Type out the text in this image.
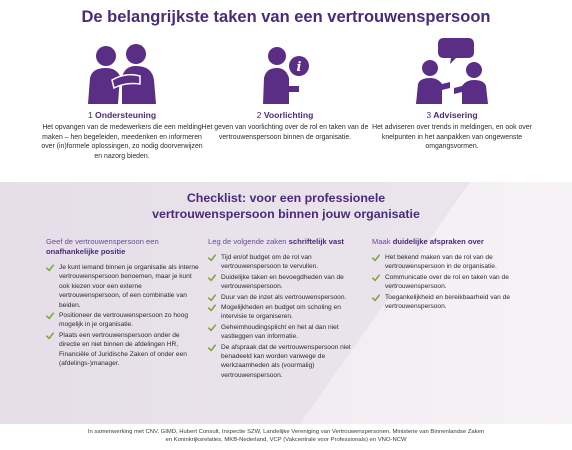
De belangrijkste taken van een vertrouwenspersoon
1 Ondersteuning
Het opvangen van de medewerkers die een melding maken – hen begeleiden, meedenken en informeren over (in)formele oplossingen, zo nodig doorverwijzen en nazorg bieden.
i
2 Voorlichting
Het geven van voorlichting over de rol en taken van de vertrouwenspersoon binnen de organisatie.
3 Advisering
Het adviseren over trends in meldingen, en ook over knelpunten in het aanpakken van ongewenste omgangsvormen.
Checklist: voor een professionele
vertrouwenspersoon binnen jouw organisatie
Geef de vertrouwenspersoon een onafhankelijke positie
Je kunt iemand binnen je organisatie als interne vertrouwenspersoon benoemen, maar je kunt ook kiezen voor een externe vertrouwenspersoon, of een combinatie van beiden.
Positioneer de vertrouwenspersoon zo hoog mogelijk in je organisatie.
Plaats een vertrouwenspersoon onder de directie en niet binnen de afdelingen HR, Financiële of Juridische Zaken of onder een (afdelings-)manager.
Leg de volgende zaken schriftelijk vast
Tijd en/of budget om de rol van vertrouwenspersoon te vervullen.
Duidelijke taken en bevoegdheden van de vertrouwenspersoon.
Duur van de inzet als vertrouwenspersoon.
Mogelijkheden en budget om scholing en intervisie te organiseren.
Geheimhoudingsplicht en het al dan niet vastleggen van informatie.
De afspraak dat de vertrouwenspersoon niet benadeeld kan worden vanwege de werkzaamheden als (voormalig) vertrouwenspersoon.
Maak duidelijke afspraken over
Het bekend maken van de rol van de vertrouwenspersoon in de organisatie.
Communicatie over de rol en taken van de vertrouwenspersoon.
Toegankelijkheid en bereikbaarheid van de vertrouwenspersoon.
In samenwerking met CNV, GIMD, Hubert Consult, Inspectie SZW, Landelijke Vereniging van Vertrouwenspersonen, Ministerie van Binnenlandse Zaken
en Koninkrijksrelaties, MKB-Nederland, VCP (Vakcentrale voor Professionals) en VNO-NCW
